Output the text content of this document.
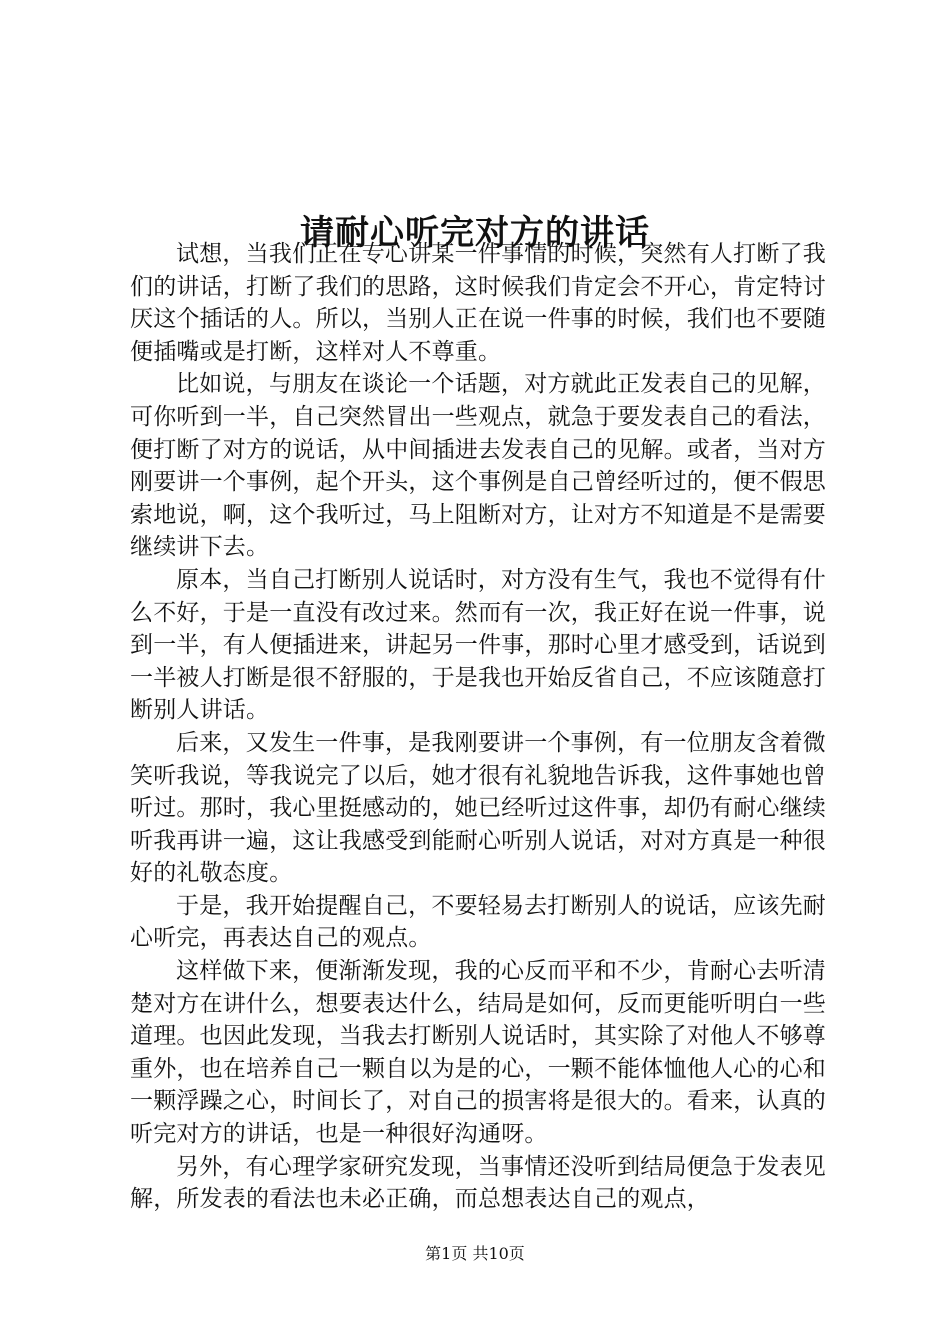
请耐心听完对方的讲话

试想，当我们正在专心讲某一件事情的时候，突然有人打断了我们的讲话，打断了我们的思路，这时候我们肯定会不开心，肯定特讨厌这个插话的人。所以，当别人正在说一件事的时候，我们也不要随便插嘴或是打断，这样对人不尊重。

比如说，与朋友在谈论一个话题，对方就此正发表自己的见解，可你听到一半，自己突然冒出一些观点，就急于要发表自己的看法，便打断了对方的说话，从中间插进去发表自己的见解。或者，当对方刚要讲一个事例，起个开头，这个事例是自己曾经听过的，便不假思索地说，啊，这个我听过，马上阻断对方，让对方不知道是不是需要继续讲下去。

原本，当自己打断别人说话时，对方没有生气，我也不觉得有什么不好，于是一直没有改过来。然而有一次，我正好在说一件事，说到一半，有人便插进来，讲起另一件事，那时心里才感受到，话说到一半被人打断是很不舒服的，于是我也开始反省自己，不应该随意打断别人讲话。

后来，又发生一件事，是我刚要讲一个事例，有一位朋友含着微笑听我说，等我说完了以后，她才很有礼貌地告诉我，这件事她也曾听过。那时，我心里挺感动的，她已经听过这件事，却仍有耐心继续听我再讲一遍，这让我感受到能耐心听别人说话，对对方真是一种很好的礼敬态度。

于是，我开始提醒自己，不要轻易去打断别人的说话，应该先耐心听完，再表达自己的观点。

这样做下来，便渐渐发现，我的心反而平和不少，肯耐心去听清楚对方在讲什么，想要表达什么，结局是如何，反而更能听明白一些道理。也因此发现，当我去打断别人说话时，其实除了对他人不够尊重外，也在培养自己一颗自以为是的心，一颗不能体恤他人心的心和一颗浮躁之心，时间长了，对自己的损害将是很大的。看来，认真的听完对方的讲话，也是一种很好沟通呀。

另外，有心理学家研究发现，当事情还没听到结局便急于发表见解，所发表的看法也未必正确，而总想表达自己的观点，

第1页 共10页
